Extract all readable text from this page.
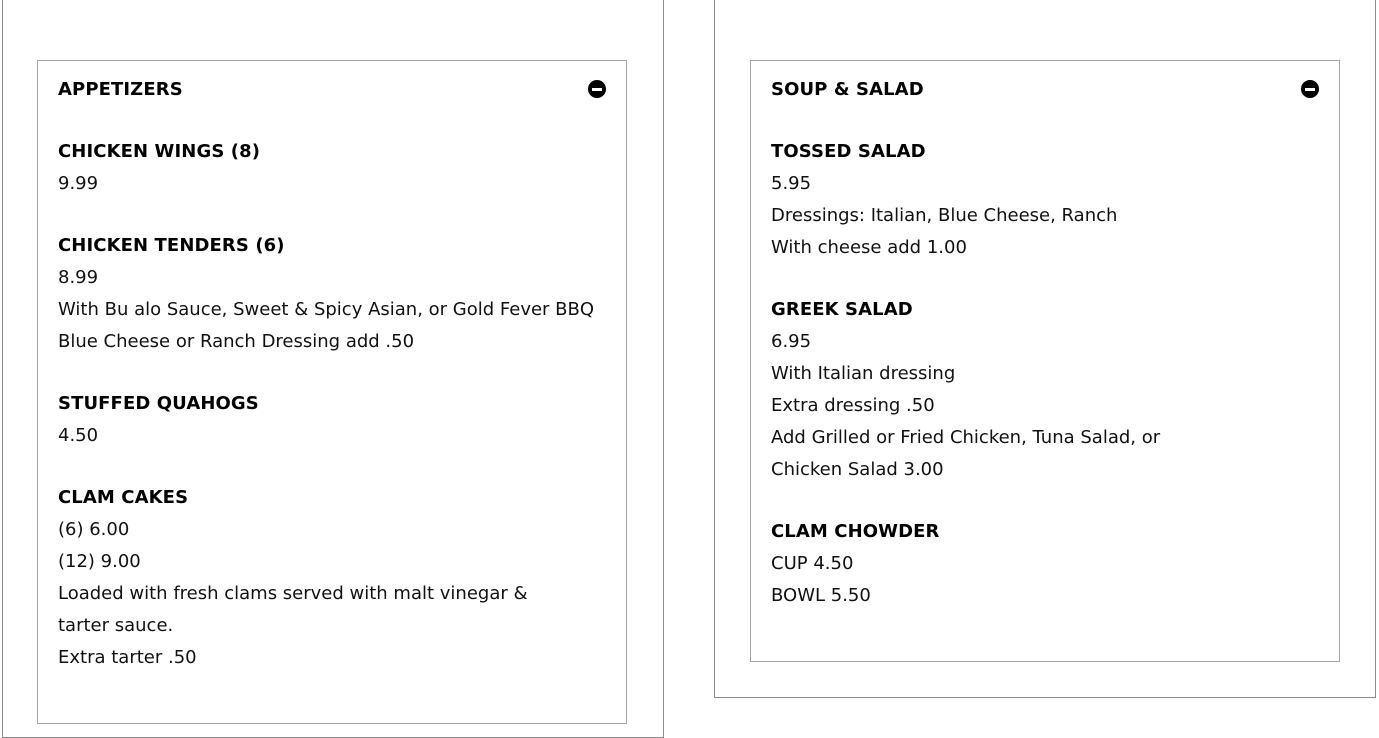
APPETIZERS
CHICKEN WINGS (8)
9.99
CHICKEN TENDERS (6)
8.99
With Bu alo Sauce, Sweet & Spicy Asian, or Gold Fever BBQ
Blue Cheese or Ranch Dressing add .50
STUFFED QUAHOGS
4.50
CLAM CAKES
(6) 6.00
(12) 9.00
Loaded with fresh clams served with malt vinegar &
tarter sauce.
Extra tarter .50
SOUP & SALAD
TOSSED SALAD
5.95
Dressings: Italian, Blue Cheese, Ranch
With cheese add 1.00
GREEK SALAD
6.95
With Italian dressing
Extra dressing .50
Add Grilled or Fried Chicken, Tuna Salad, or
Chicken Salad 3.00
CLAM CHOWDER
CUP 4.50
BOWL 5.50
